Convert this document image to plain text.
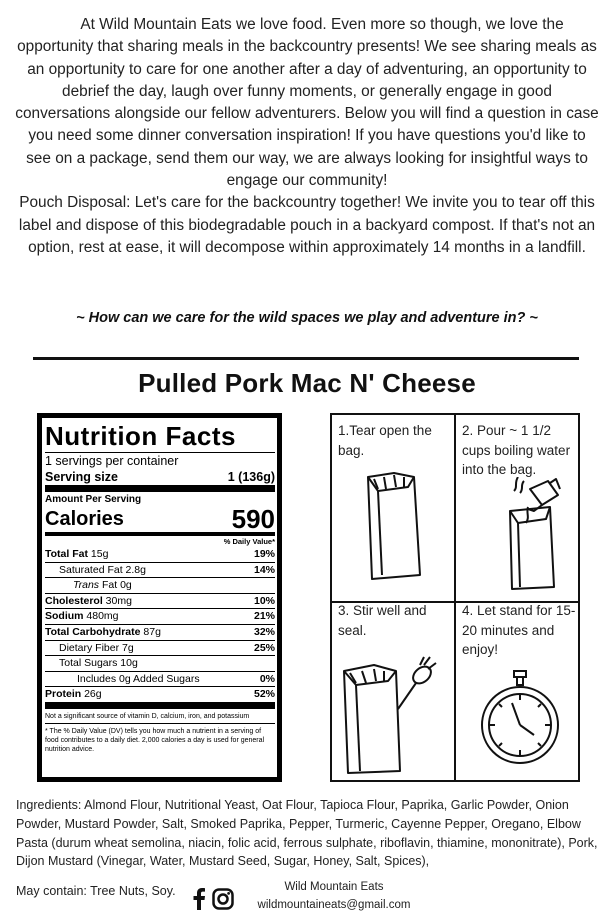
At Wild Mountain Eats we love food. Even more so though, we love the opportunity that sharing meals in the backcountry presents! We see sharing meals as an opportunity to care for one another after a day of adventuring, an opportunity to debrief the day, laugh over funny moments, or generally engage in good conversations alongside our fellow adventurers. Below you will find a question in case you need some dinner conversation inspiration! If you have questions you'd like to see on a package, send them our way, we are always looking for insightful ways to engage our community!

Pouch Disposal: Let's care for the backcountry together! We invite you to tear off this label and dispose of this biodegradable pouch in a backyard compost. If that's not an option, rest at ease, it will decompose within approximately 14 months in a landfill.

~ How can we care for the wild spaces we play and adventure in? ~
Pulled Pork Mac N' Cheese
Nutrition Facts
1 servings per container
Serving size	1 (136g)
Amount Per Serving
Calories	590
% Daily Value*
Total Fat 15g	19%
Saturated Fat 2.8g	14%
Trans Fat 0g
Cholesterol 30mg	10%
Sodium 480mg	21%
Total Carbohydrate 87g	32%
Dietary Fiber 7g	25%
Total Sugars 10g
Includes 0g Added Sugars	0%
Protein 26g	52%
Not a significant source of vitamin D, calcium, iron, and potassium
* The % Daily Value (DV) tells you how much a nutrient in a serving of food contributes to a daily diet. 2,000 calories a day is used for general nutrition advice.
1.Tear open the bag.
2. Pour ~ 1 1/2 cups boiling water into the bag.
3. Stir well and seal.
4. Let stand for 15-20 minutes and enjoy!

Ingredients: Almond Flour, Nutritional Yeast, Oat Flour, Tapioca Flour, Paprika, Garlic Powder, Onion Powder, Mustard Powder, Salt, Smoked Paprika, Pepper, Turmeric, Cayenne Pepper, Oregano, Elbow Pasta (durum wheat semolina, niacin, folic acid, ferrous sulphate, riboflavin, thiamine, mononitrate), Pork, Dijon Mustard (Vinegar, Water, Mustard Seed, Sugar, Honey, Salt, Spices),

May contain: Tree Nuts, Soy.	Wild Mountain Eats
wildmountaineats@gmail.com
